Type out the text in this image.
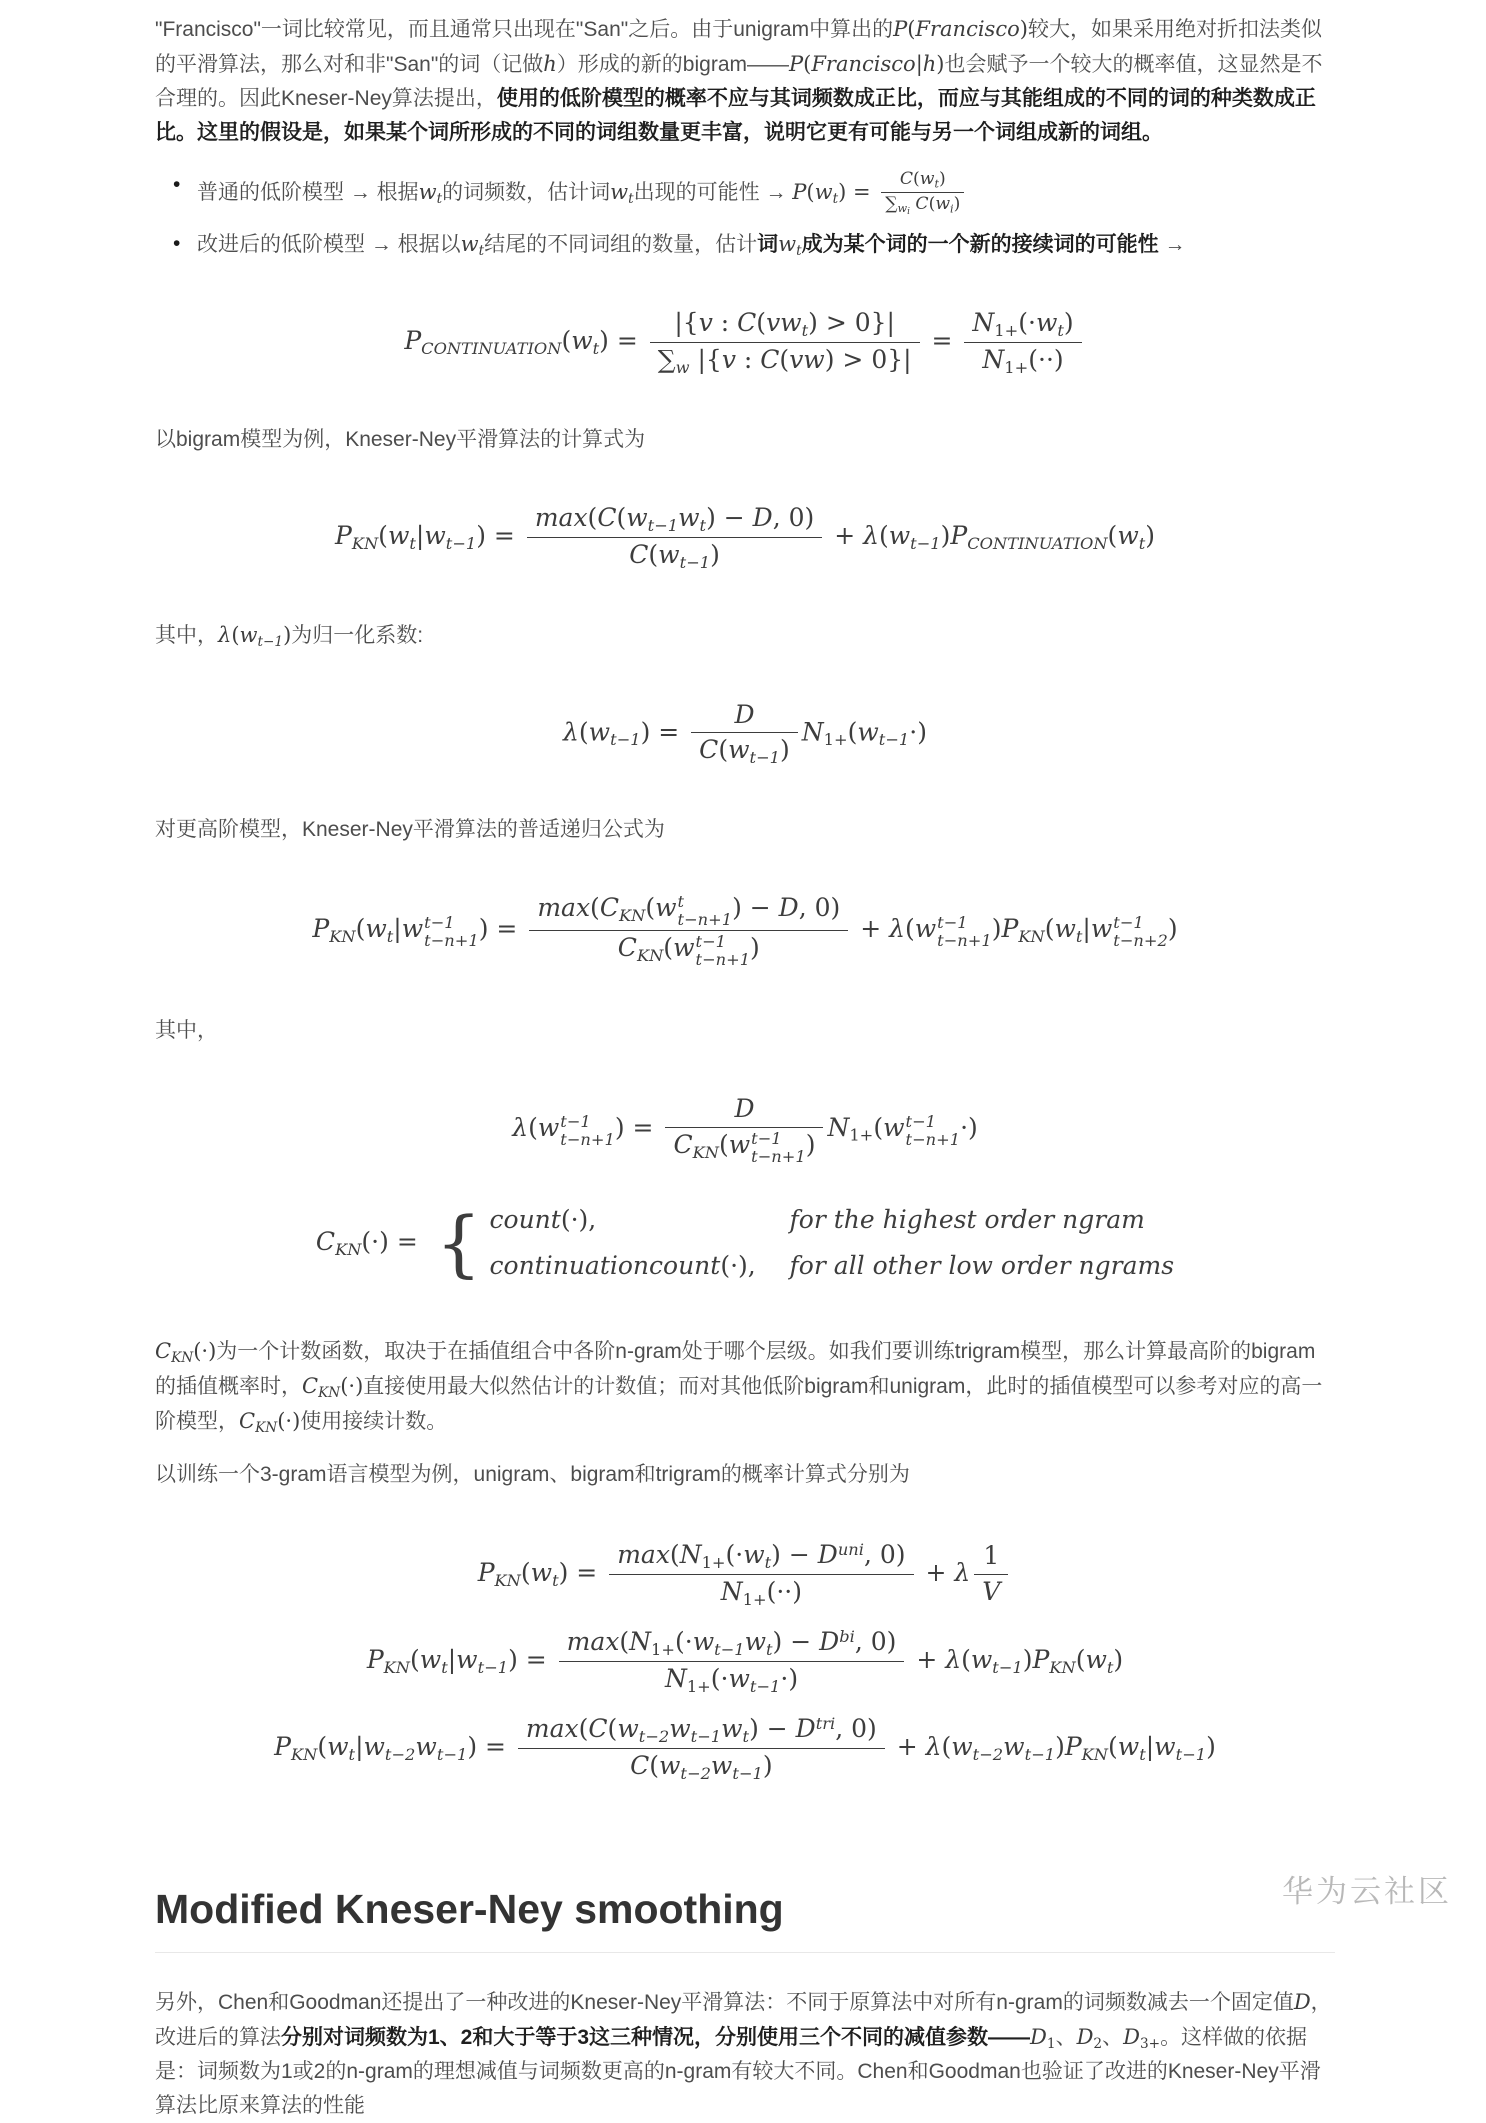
"Francisco"一词比较常见，而且通常只出现在"San"之后。由于unigram中算出的P(Francisco)较大，如果采用绝对折扣法类似的平滑算法，那么对和非"San"的词（记做h）形成的新的bigram——P(Francisco|h)也会赋予一个较大的概率值，这显然是不合理的。因此Kneser-Ney算法提出，使用的低阶模型的概率不应与其词频数成正比，而应与其能组成的不同的词的种类数成正比。这里的假设是，如果某个词所形成的不同的词组数量更丰富，说明它更有可能与另一个词组成新的词组。

• 普通的低阶模型 → 根据wt的词频数，估计词wt出现的可能性 → $P(wt) = \frac{C(wt)}{\sum w_i C(wi)}$
• 改进后的低阶模型 → 根据以wt结尾的不同词组的数量，估计词wt成为某个词的一个新的接续词的可能性 →
PCONTINUATION(wt) = $\frac{\text{|\{v : C(vwt) > 0\}|}}{\sum w |\{v : C(vw) > 0\}|} = \frac{N1+(\cdot wt)}{N1+(\cdot\cdot)}$

以bigram模型为例，Kneser-Ney平滑算法的计算式为

$PKN(wt|wt-1) = \frac{\max(C(wt-1wt) - D, 0)}{C(wt-1)}$ + λ(wt−1)PCONTINUATION(wt)

其中，λ(wt−1)为归一化系数:

$\lambda(wt-1) = \frac{D}{C(wt-1)} N1+(wt-1\cdot)$

对更高阶模型，Kneser-Ney平滑算法的普适递归公式为

PKN(wt|w t−1
t−n+1 ) = max(CKN(w t
t−n+1 ) − D, 0)
CKN(w t−1
t−n+1 ) + λ(w t−1
t−n+1 )PKN(wt|w t−1
t−n+2 )

其中，

λ(w t−1
t−n+1 ) = D
CKN(w t−1
t−n+1 ) N1+(w t−1
t−n+1 ·)
CKN(·) = { count(·),	for the highest order ngram
continuationcount(·),	for all other low order ngrams

CKN(·)为一个计数函数，取决于在插值组合中各阶n-gram处于哪个层级。如我们要训练trigram模型，那么计算最高阶的bigram的插值概率时，CKN(·)直接使用最大似然估计的计数值；而对其他低阶bigram和unigram，此时的插值模型可以参考对应的高一阶模型，CKN(·)使用接续计数。

以训练一个3-gram语言模型为例，unigram、bigram和trigram的概率计算式分别为

$PKN(wt) = \frac{\max(N1+(\cdot wt) - D^{uni}, 0)}{N1+(\cdot\cdot)} + \lambda \frac{1}{V}$
$PKN(wt|wt-1) = \frac{\max(N1+(\cdot wt-1wt) - D^{bi}, 0)}{N1+(\cdot wt-1\cdot)} + \lambda(wt-1)PKN(wt)$
$PKN(wt|wt-2wt-1) = \frac{\max(C(wt-2wt-1wt) - D^{tri}, 0)}{C(wt-2wt-1)} + \lambda(wt-2wt-1)PKN(wt|wt-1)$
Modified Kneser-Ney smoothing

另外，Chen和Goodman还提出了一种改进的Kneser-Ney平滑算法：不同于原算法中对所有n-gram的词频数减去一个固定值D，改进后的算法分别对词频数为1、2和大于等于3这三种情况，分别使用三个不同的减值参数——D1、D2、D3+。这样做的依据是：词频数为1或2的n-gram的理想减值与词频数更高的n-gram有较大不同。Chen和Goodman也验证了改进的Kneser-Ney平滑算法比原来算法的性能

华为云社区
